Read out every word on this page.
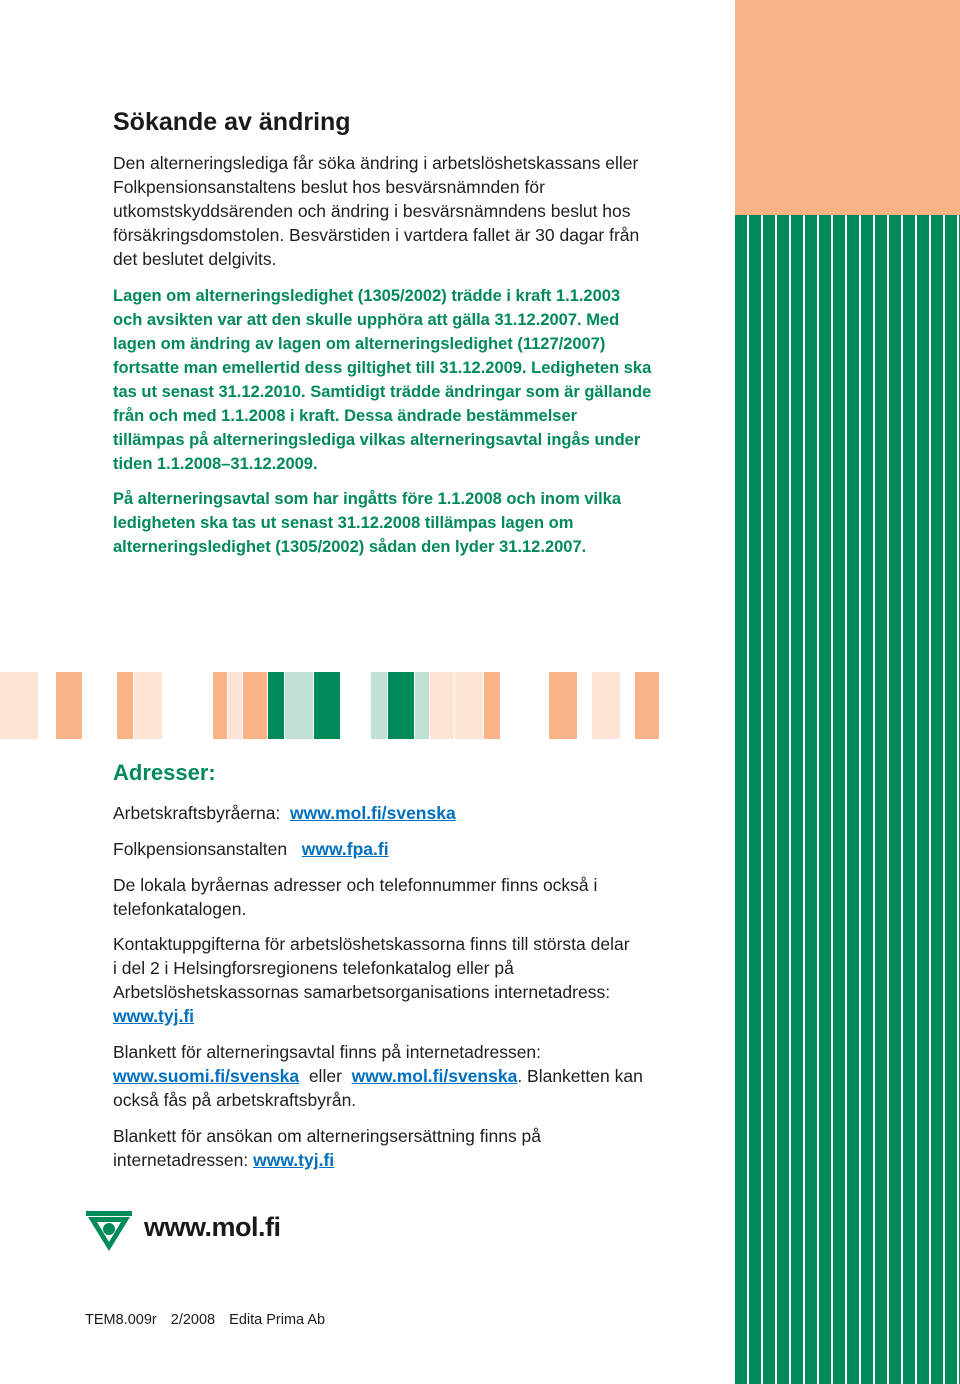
Sökande av ändring

Den alterneringslediga får söka ändring i arbetslöshetskassans eller Folkpensionsanstaltens beslut hos besvärsnämnden för utkomstskyddsärenden och ändring i besvärsnämndens beslut hos försäkringsdomstolen. Besvärstiden i vartdera fallet är 30 dagar från det beslutet delgivits.

Lagen om alterneringsledighet (1305/2002) trädde i kraft 1.1.2003 och avsikten var att den skulle upphöra att gälla 31.12.2007. Med lagen om ändring av lagen om alterneringsledighet (1127/2007) fortsatte man emellertid dess giltighet till 31.12.2009. Ledigheten ska tas ut senast 31.12.2010. Samtidigt trädde ändringar som är gällande från och med 1.1.2008 i kraft. Dessa ändrade bestämmelser tillämpas på alterneringslediga vilkas alterneringsavtal ingås under tiden 1.1.2008–31.12.2009.

På alterneringsavtal som har ingåtts före 1.1.2008 och inom vilka ledigheten ska tas ut senast 31.12.2008 tillämpas lagen om alterneringsledighet (1305/2002) sådan den lyder 31.12.2007.

Adresser:

Arbetskraftsbyråerna: www.mol.fi/svenska

Folkpensionsanstalten www.fpa.fi

De lokala byråernas adresser och telefonnummer finns också i telefonkatalogen.

Kontaktuppgifterna för arbetslöshetskassorna finns till största delar i del 2 i Helsingforsregionens telefonkatalog eller på Arbetslöshetskassornas samarbetsorganisations internetadress:
www.tyj.fi

Blankett för alterneringsavtal finns på internetadressen:
www.suomi.fi/svenska eller www.mol.fi/svenska. Blanketten kan också fås på arbetskraftsbyrån.

Blankett för ansökan om alterneringsersättning finns på internetadressen: www.tyj.fi

www.mol.fi
TEM8.009r 2/2008 Edita Prima Ab
